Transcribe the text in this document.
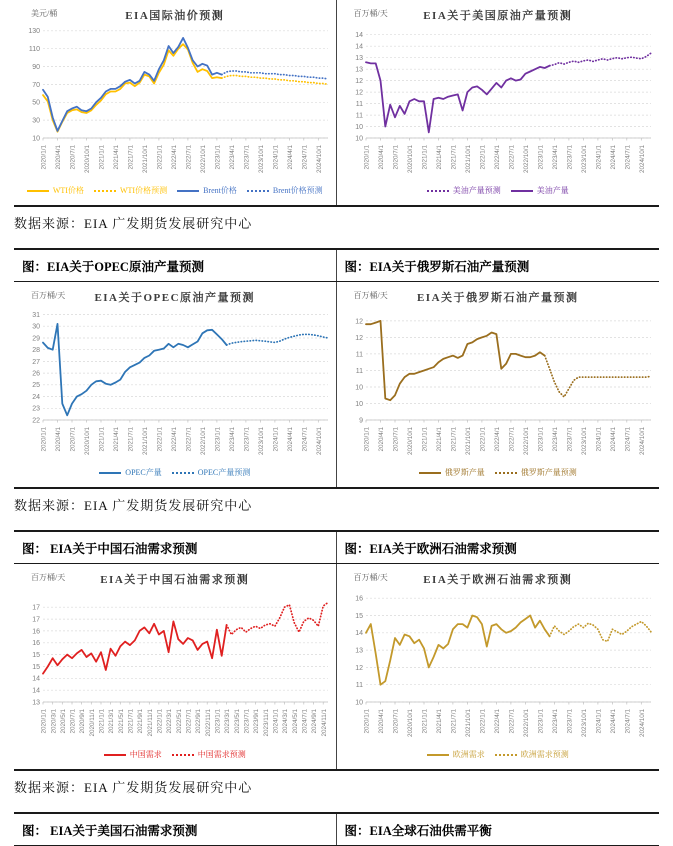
美元/桶	EIA国际油价预测
10
30
50
70
90
110
130
2020/1/1 2020/4/1 2020/7/1 2020/10/1 2021/1/1 2021/4/1 2021/7/1 2021/10/1 2022/1/1 2022/4/1 2022/7/1 2022/10/1 2023/1/1 2023/4/1 2023/7/1 2023/10/1 2024/1/1 2024/4/1 2024/7/1 2024/10/1
WTI价格	WTI价格预测	Brent价格	Brent价格预测
百万桶/天	EIA关于美国原油产量预测
10
10
11
11
12
12
13
13
14
14
2020/1/1 2020/4/1 2020/7/1 2020/10/1 2021/1/1 2021/4/1 2021/7/1 2021/10/1 2022/1/1 2022/4/1 2022/7/1 2022/10/1 2023/1/1 2023/4/1 2023/7/1 2023/10/1 2024/1/1 2024/4/1 2024/7/1 2024/10/1
美油产量预测	美油产量

数据来源：EIA 广发期货发展研究中心

图：EIA关于OPEC原油产量预测	图：EIA关于俄罗斯石油产量预测
百万桶/天	EIA关于OPEC原油产量预测
22
23
24
25
26
27
28
29
30
31
2020/1/1 2020/4/1 2020/7/1 2020/10/1 2021/1/1 2021/4/1 2021/7/1 2021/10/1 2022/1/1 2022/4/1 2022/7/1 2022/10/1 2023/1/1 2023/4/1 2023/7/1 2023/10/1 2024/1/1 2024/4/1 2024/7/1 2024/10/1
OPEC产量	OPEC产量预测
百万桶/天	EIA关于俄罗斯石油产量预测
9
10
10
11
11
12
12
2020/1/1 2020/4/1 2020/7/1 2020/10/1 2021/1/1 2021/4/1 2021/7/1 2021/10/1 2022/1/1 2022/4/1 2022/7/1 2022/10/1 2023/1/1 2023/4/1 2023/7/1 2023/10/1 2024/1/1 2024/4/1 2024/7/1 2024/10/1
俄罗斯产量	俄罗斯产量预测

数据来源：EIA 广发期货发展研究中心

图： EIA关于中国石油需求预测	图：EIA关于欧洲石油需求预测
百万桶/天	EIA关于中国石油需求预测
13
14
14
15
15
16
16
17
17
2020/1/1 2020/3/1 2020/5/1 2020/7/1 2020/9/1 2020/11/1 2021/1/1 2021/3/1 2021/5/1 2021/7/1 2021/9/1 2021/11/1 2022/1/1 2022/3/1 2022/5/1 2022/7/1 2022/9/1 2022/11/1 2023/1/1 2023/3/1 2023/5/1 2023/7/1 2023/9/1 2023/11/1 2024/1/1 2024/3/1 2024/5/1 2024/7/1 2024/9/1 2024/11/1
中国需求	中国需求预测
百万桶/天	EIA关于欧洲石油需求预测
10
11
12
13
14
15
16
2020/1/1 2020/4/1 2020/7/1 2020/10/1 2021/1/1 2021/4/1 2021/7/1 2021/10/1 2022/1/1 2022/4/1 2022/7/1 2022/10/1 2023/1/1 2023/4/1 2023/7/1 2023/10/1 2024/1/1 2024/4/1 2024/7/1 2024/10/1
欧洲需求	欧洲需求预测

数据来源：EIA 广发期货发展研究中心

图： EIA关于美国石油需求预测	图：EIA全球石油供需平衡
